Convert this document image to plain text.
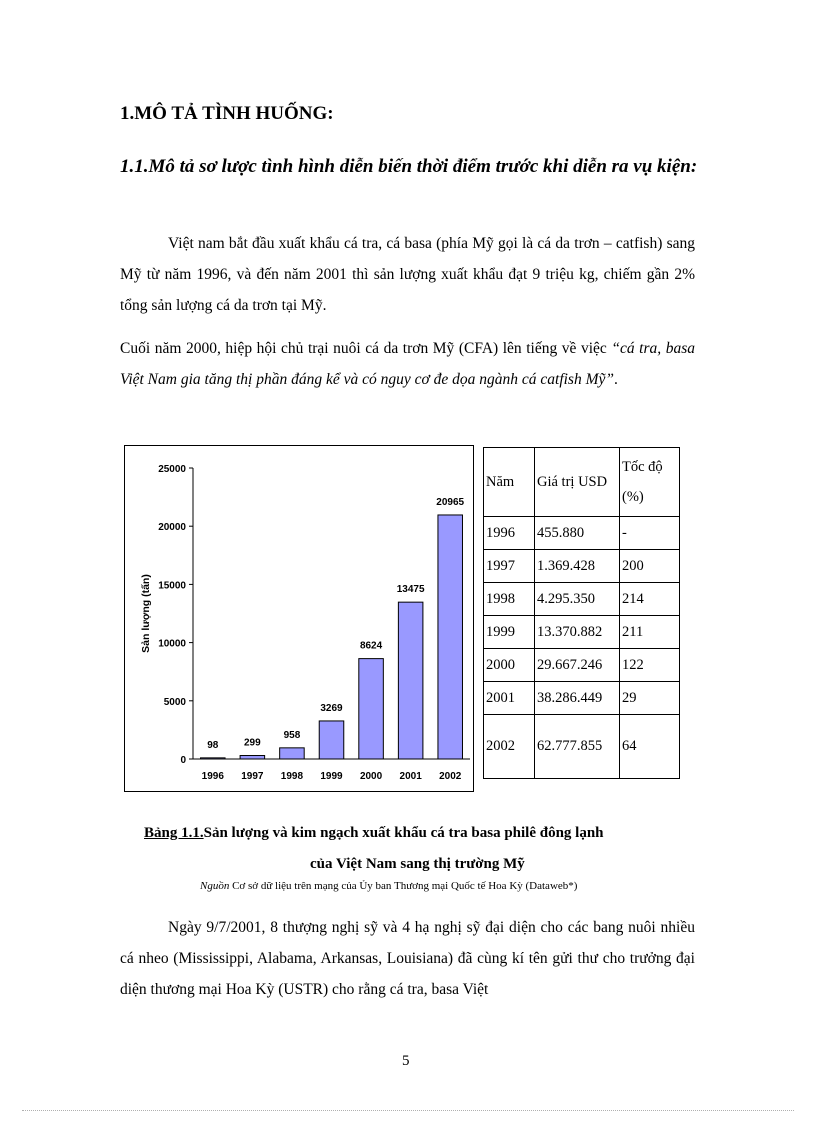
1.MÔ TẢ TÌNH HUỐNG:
1.1.Mô tả sơ lược tình hình diễn biến thời điểm trước khi diễn ra vụ kiện:
Việt nam bắt đầu xuất khẩu cá tra, cá basa (phía Mỹ gọi là cá da trơn – catfish) sang Mỹ từ năm 1996, và đến năm 2001 thì sản lượng xuất khẩu đạt 9 triệu kg, chiếm gần 2% tổng sản lượng cá da trơn tại Mỹ.
Cuối năm 2000, hiệp hội chủ trại nuôi cá da trơn Mỹ (CFA) lên tiếng về việc “cá tra, basa Việt Nam gia tăng thị phần đáng kể và có nguy cơ đe dọa ngành cá catfish Mỹ”.
0
5000
10000
15000
20000
25000
Sản lượng (tấn)
98
1996
299
1997
958
1998
3269
1999
8624
2000
13475
2001
20965
2002
Năm	Giá trị USD	Tốc độ (%)
1996	455.880	-
1997	1.369.428	200
1998	4.295.350	214
1999	13.370.882	211
2000	29.667.246	122
2001	38.286.449	29
2002	62.777.855	64
Bảng 1.1.Sản lượng và kim ngạch xuất khẩu cá tra basa philê đông lạnh
của Việt Nam sang thị trường Mỹ
Nguồn Cơ sở dữ liệu trên mạng của Ủy ban Thương mại Quốc tế Hoa Kỳ (Dataweb*)
Ngày 9/7/2001, 8 thượng nghị sỹ và 4 hạ nghị sỹ đại diện cho các bang nuôi nhiều cá nheo (Mississippi, Alabama, Arkansas, Louisiana) đã cùng kí tên gửi thư cho trưởng đại diện thương mại Hoa Kỳ (USTR) cho rằng cá tra, basa Việt
5
